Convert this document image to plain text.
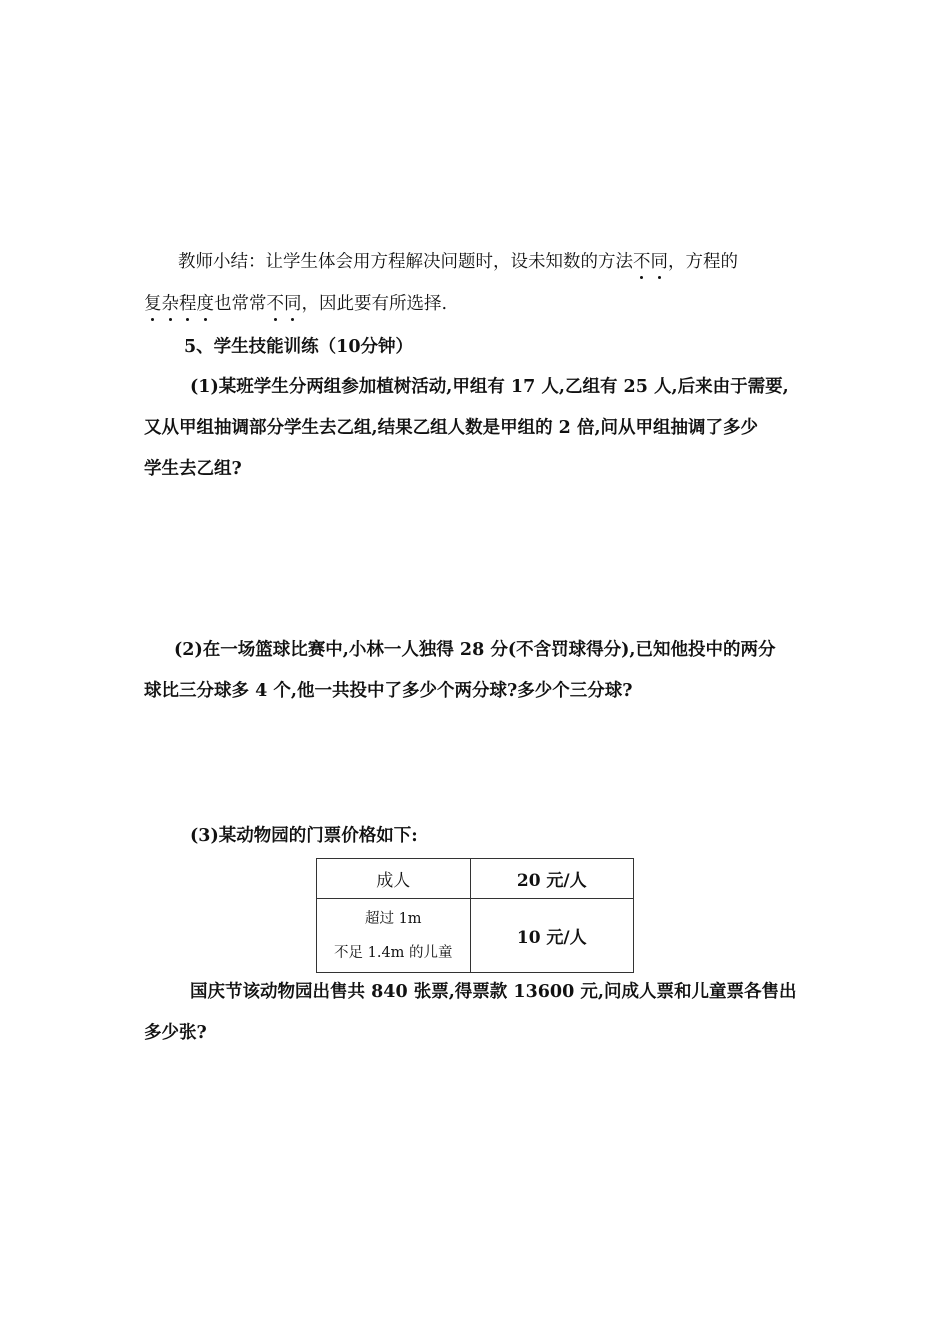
教师小结：让学生体会用方程解决问题时，设未知数的方法不同，方程的
复杂程度也常常不同，因此要有所选择.
5、学生技能训练（10分钟）
(1)某班学生分两组参加植树活动,甲组有 17 人,乙组有 25 人,后来由于需要,
又从甲组抽调部分学生去乙组,结果乙组人数是甲组的 2 倍,问从甲组抽调了多少
学生去乙组?
(2)在一场篮球比赛中,小林一人独得 28 分(不含罚球得分),已知他投中的两分
球比三分球多 4 个,他一共投中了多少个两分球?多少个三分球?
(3)某动物园的门票价格如下:
成人	20 元/人

超过 1m
不足 1.4m 的儿童	10 元/人
国庆节该动物园出售共 840 张票,得票款 13600 元,问成人票和儿童票各售出
多少张?
